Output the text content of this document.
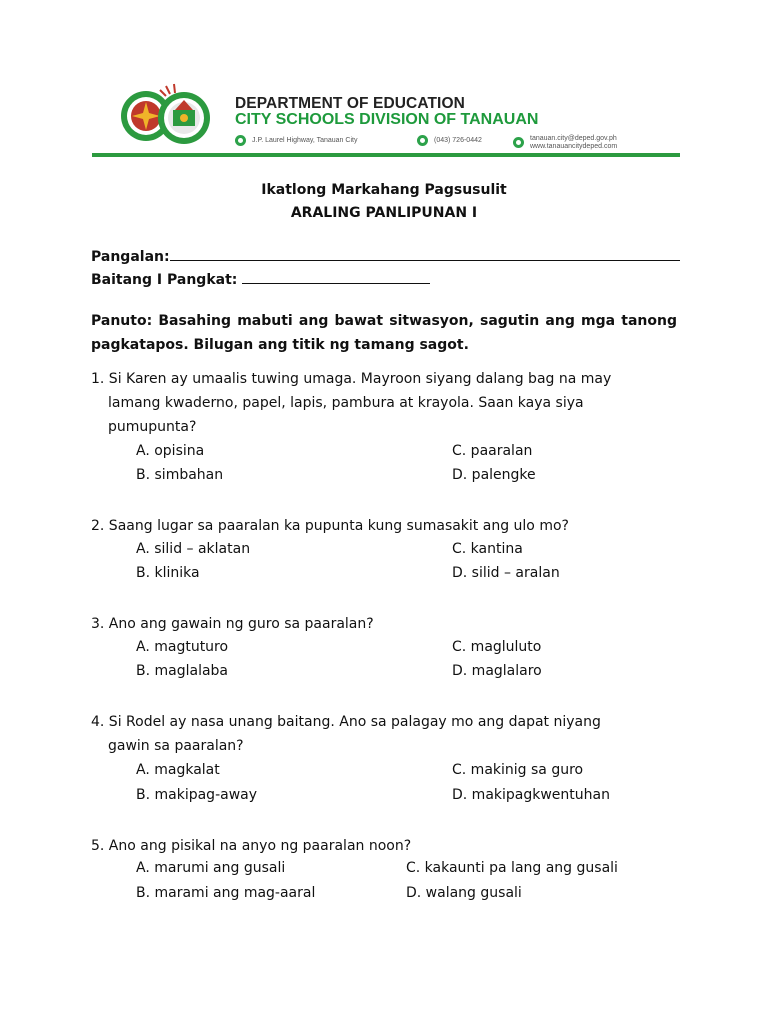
DEPARTMENT OF EDUCATION
CITY SCHOOLS DIVISION OF TANAUAN
J.P. Laurel Highway, Tanauan City	(043) 726-0442	tanauan.city@deped.gov.ph
www.tanauancitydeped.com
Ikatlong Markahang Pagsusulit
ARALING PANLIPUNAN I
Pangalan:
Baitang I Pangkat:
Panuto: Basahing mabuti ang bawat sitwasyon, sagutin ang mga tanong pagkatapos. Bilugan ang titik ng tamang sagot.
1. Si Karen ay umaalis tuwing umaga. Mayroon siyang dalang bag na may
lamang kwaderno, papel, lapis, pambura at krayola. Saan kaya siya
pumupunta?
A. opisina
B. simbahan
C. paaralan
D. palengke
2. Saang lugar sa paaralan ka pupunta kung sumasakit ang ulo mo?
A. silid – aklatan
B. klinika
C. kantina
D. silid – aralan
3. Ano ang gawain ng guro sa paaralan?
A. magtuturo
B. maglalaba
C. magluluto
D. maglalaro
4. Si Rodel ay nasa unang baitang. Ano sa palagay mo ang dapat niyang
gawin sa paaralan?
A. magkalat
B. makipag-away
C. makinig sa guro
D. makipagkwentuhan
5. Ano ang pisikal na anyo ng paaralan noon?
A. marumi ang gusali
B. marami ang mag-aaral
C. kakaunti pa lang ang gusali
D. walang gusali
